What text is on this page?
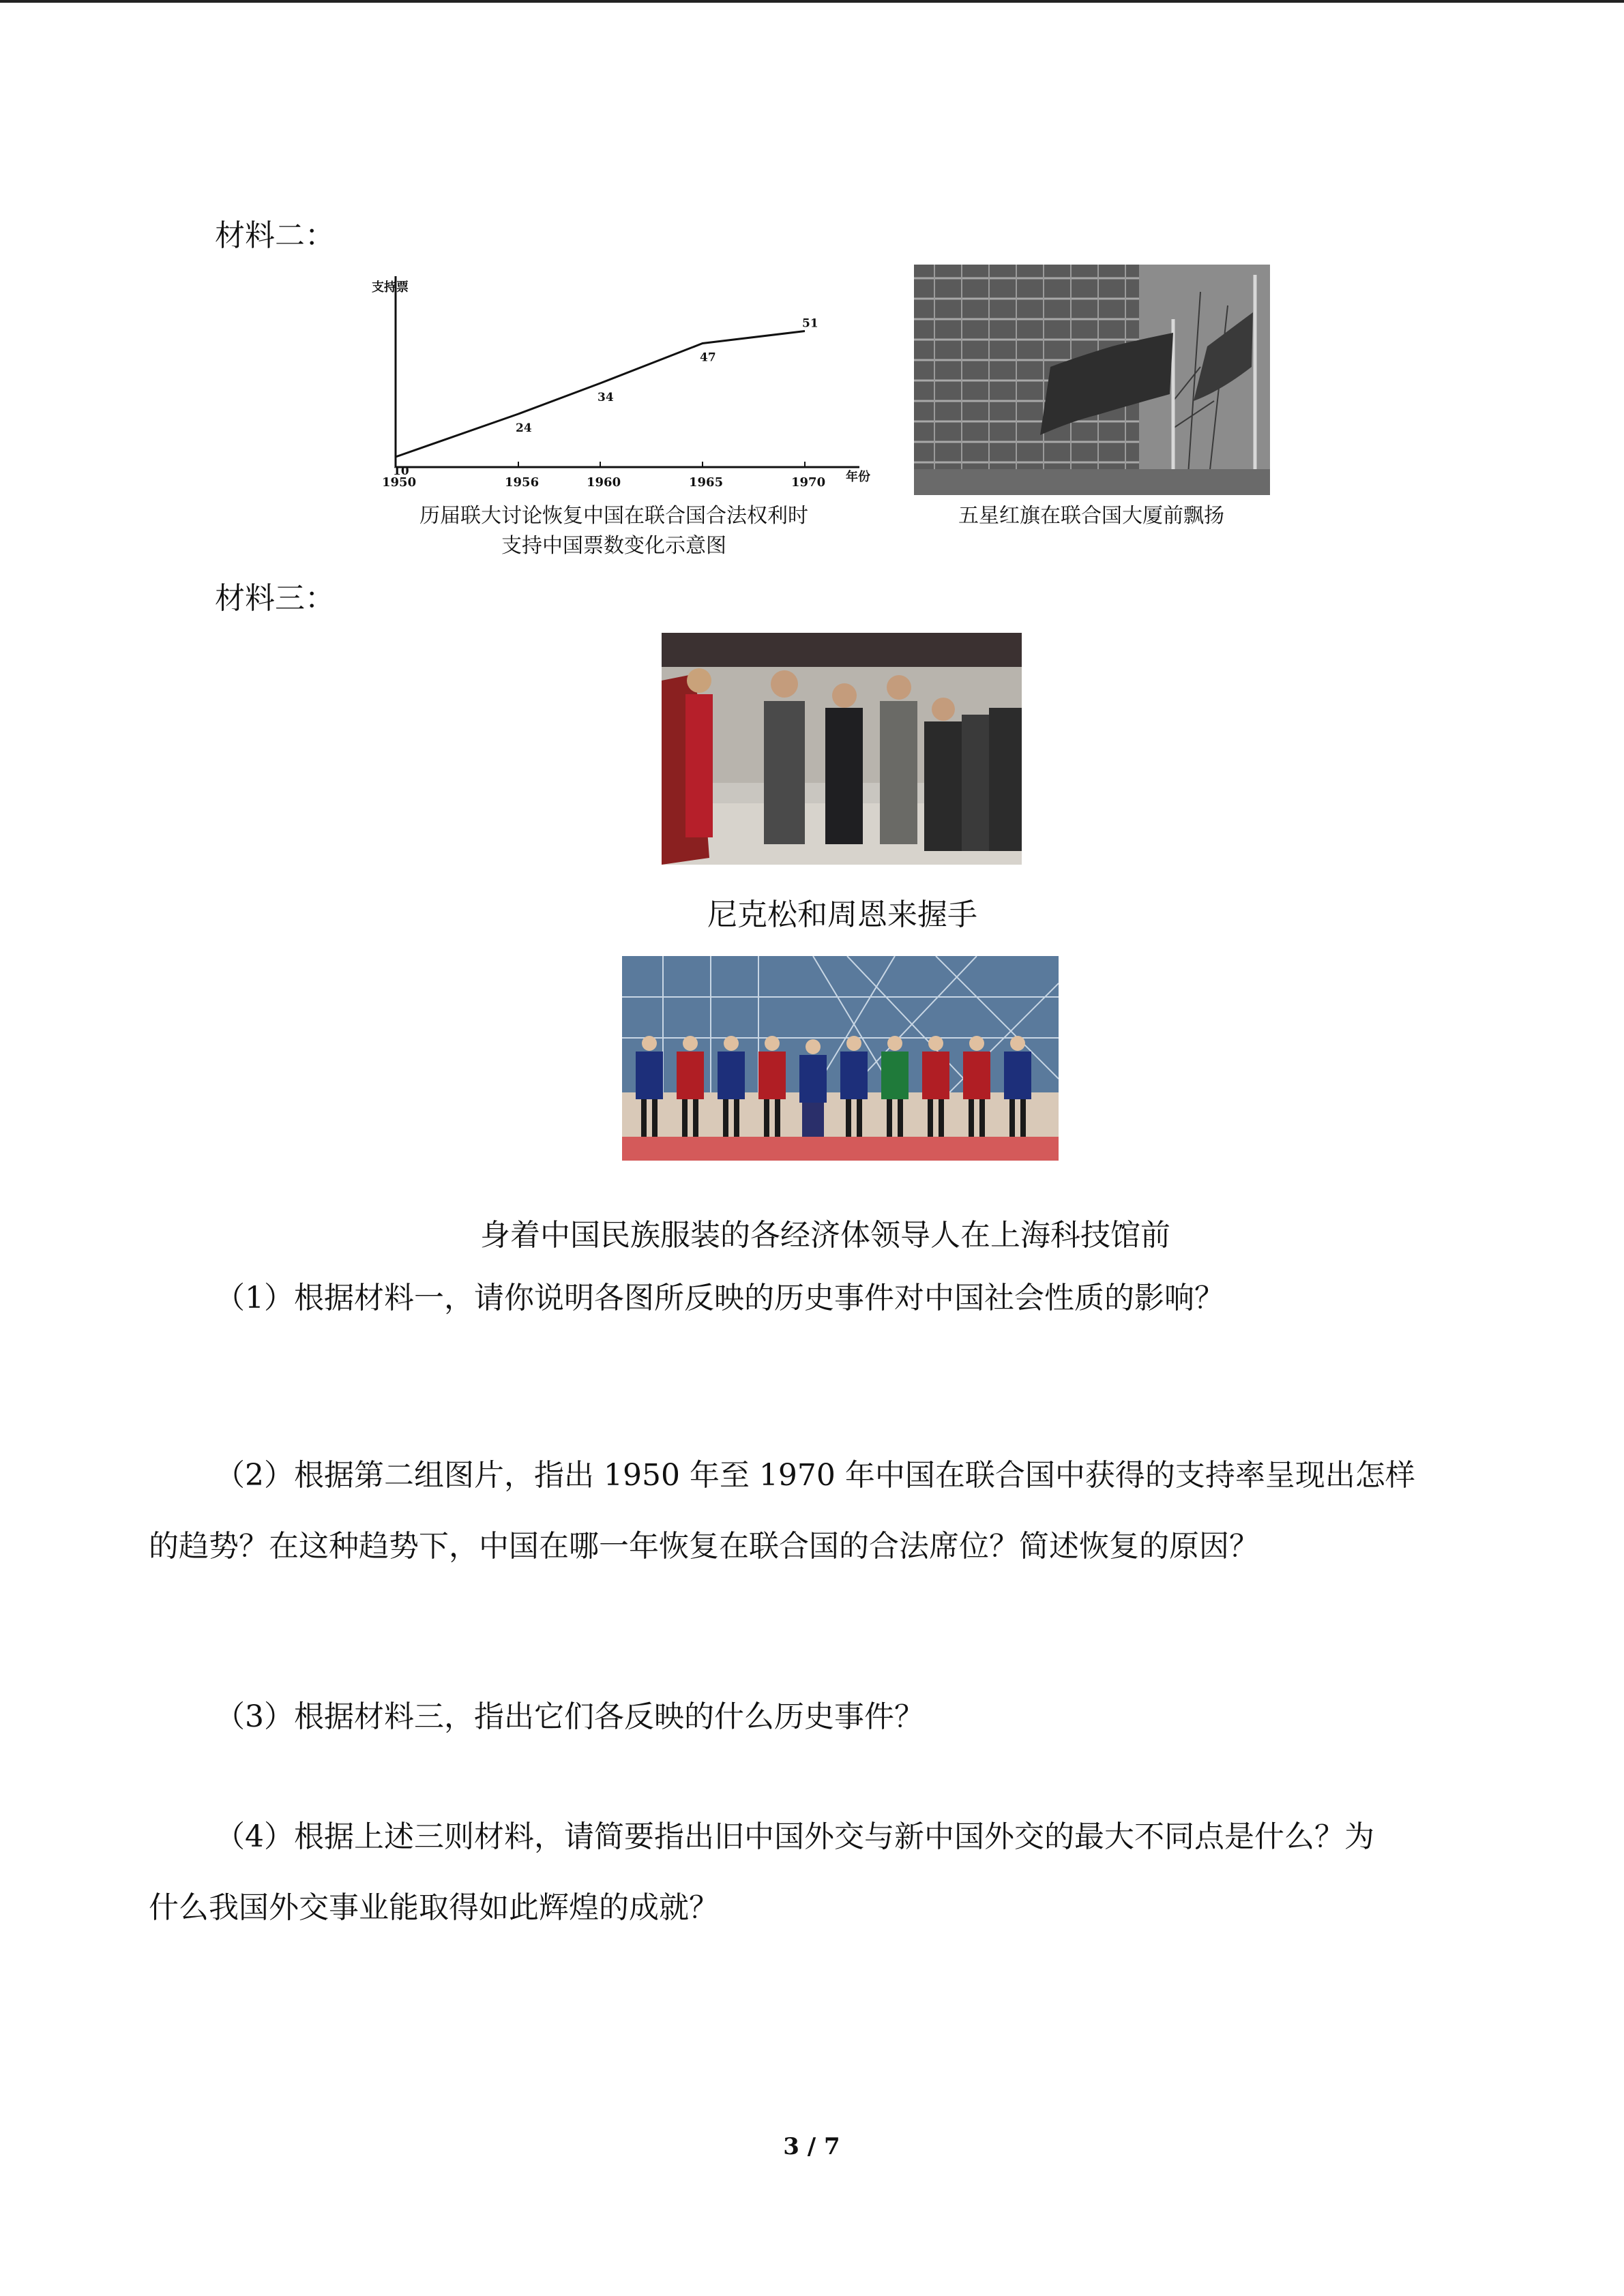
材料二：
支持票
年份
1950
10
1956
24
1960
34
1965
47
1970
51
历届联大讨论恢复中国在联合国合法权利时
支持中国票数变化示意图
五星红旗在联合国大厦前飘扬
材料三：
尼克松和周恩来握手
身着中国民族服装的各经济体领导人在上海科技馆前
（1）根据材料一，请你说明各图所反映的历史事件对中国社会性质的影响？
（2）根据第二组图片，指出 1950 年至 1970 年中国在联合国中获得的支持率呈现出怎样
的趋势？在这种趋势下，中国在哪一年恢复在联合国的合法席位？简述恢复的原因？
（3）根据材料三，指出它们各反映的什么历史事件？
（4）根据上述三则材料，请简要指出旧中国外交与新中国外交的最大不同点是什么？为
什么我国外交事业能取得如此辉煌的成就？
3 / 7
